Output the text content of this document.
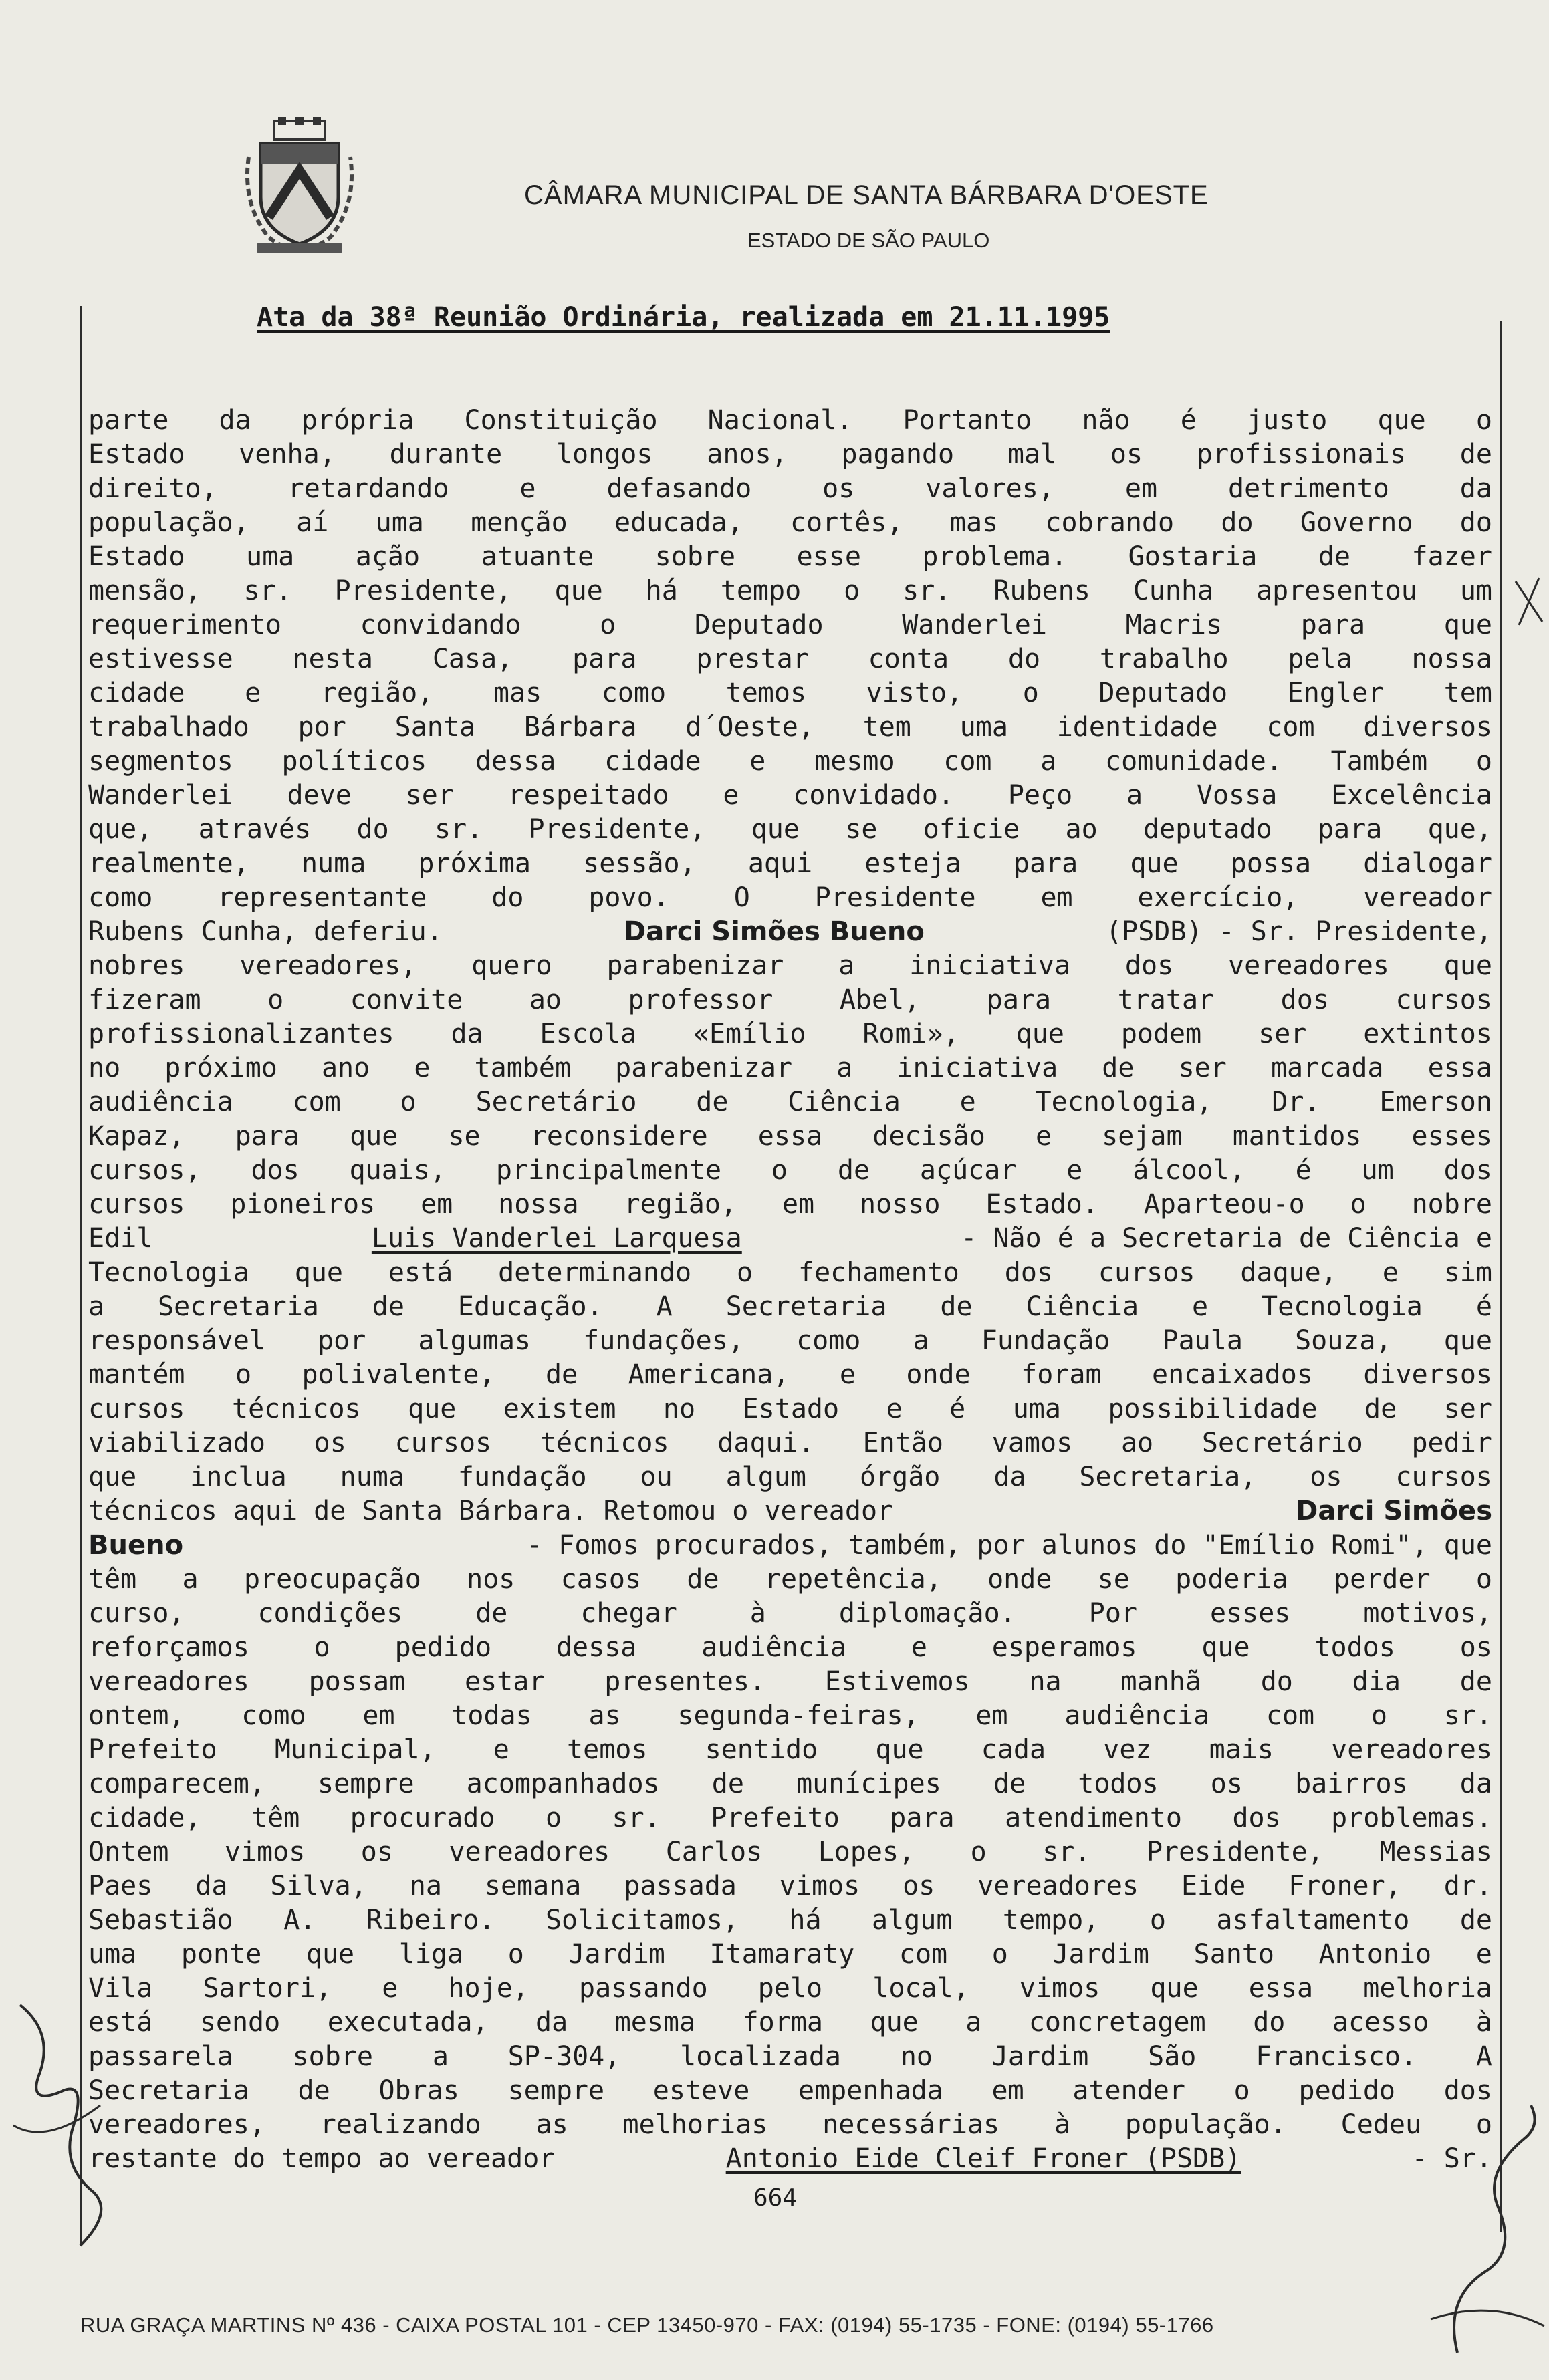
CÂMARA MUNICIPAL DE SANTA BÁRBARA D'OESTE
ESTADO DE SÃO PAULO
Ata da 38ª Reunião Ordinária, realizada em 21.11.1995
parte da própria Constituição Nacional. Portanto não é justo que o
Estado venha, durante longos anos, pagando mal os profissionais de
direito,	retardando	e	defasando	os	valores,	em	detrimento	da
população, aí uma menção educada, cortês, mas cobrando do Governo do
Estado uma ação atuante sobre esse problema. Gostaria de fazer
mensão, sr. Presidente, que há tempo o sr. Rubens Cunha apresentou um
requerimento	convidando	o	Deputado	Wanderlei	Macris	para	que
estivesse nesta Casa, para prestar conta do trabalho pela nossa
cidade e região, mas como temos visto, o Deputado Engler tem
trabalhado por Santa Bárbara d´Oeste, tem uma identidade com diversos
segmentos políticos dessa cidade e mesmo com a comunidade. Também o
Wanderlei deve ser respeitado e convidado. Peço a Vossa Excelência
que, através do sr. Presidente, que se oficie ao deputado para que,
realmente, numa próxima sessão, aqui esteja para que possa dialogar
como representante do povo. O Presidente em exercício, vereador
Rubens Cunha, deferiu.	Darci Simões Bueno	(PSDB) - Sr. Presidente,
nobres vereadores, quero parabenizar a iniciativa dos vereadores que
fizeram o convite ao professor Abel, para tratar dos cursos
profissionalizantes da Escola «Emílio Romi», que podem ser extintos
no próximo ano e também parabenizar a iniciativa de ser marcada essa
audiência com o Secretário de Ciência e Tecnologia, Dr. Emerson
Kapaz, para que se reconsidere essa decisão e sejam mantidos esses
cursos, dos quais, principalmente o de açúcar e álcool, é um dos
cursos pioneiros em nossa região, em nosso Estado. Aparteou-o o nobre
Edil	Luis Vanderlei Larquesa	- Não é a Secretaria de Ciência e
Tecnologia que está determinando o fechamento dos cursos daque, e sim
a Secretaria de Educação. A Secretaria de Ciência e Tecnologia é
responsável por algumas fundações, como a Fundação Paula Souza, que
mantém o polivalente, de Americana, e onde foram encaixados diversos
cursos técnicos que existem no Estado e é uma possibilidade de ser
viabilizado os cursos técnicos daqui. Então vamos ao Secretário pedir
que inclua numa fundação ou algum órgão da Secretaria, os cursos
técnicos aqui de Santa Bárbara. Retomou o vereador	Darci Simões
Bueno	- Fomos procurados, também, por alunos do "Emílio Romi", que
têm a preocupação nos casos de repetência, onde se poderia perder o
curso,	condições	de	chegar	à	diplomação.	Por	esses	motivos,
reforçamos o pedido dessa audiência e esperamos que todos os
vereadores possam estar presentes. Estivemos na manhã do dia de
ontem, como em todas as segunda-feiras, em audiência com o sr.
Prefeito Municipal, e temos sentido que cada vez mais vereadores
comparecem, sempre acompanhados de munícipes de todos os bairros da
cidade, têm procurado o sr. Prefeito para atendimento dos problemas.
Ontem vimos os vereadores Carlos Lopes, o sr. Presidente, Messias
Paes da Silva, na semana passada vimos os vereadores Eide Froner, dr.
Sebastião A. Ribeiro. Solicitamos, há algum tempo, o asfaltamento de
uma ponte que liga o Jardim Itamaraty com o Jardim Santo Antonio e
Vila Sartori, e hoje, passando pelo local, vimos que essa melhoria
está sendo executada, da mesma forma que a concretagem do acesso à
passarela sobre a SP-304, localizada no Jardim São Francisco. A
Secretaria de Obras sempre esteve empenhada em atender o pedido dos
vereadores, realizando as melhorias necessárias à população. Cedeu o
restante do tempo ao vereador	Antonio Eide Cleif Froner (PSDB)	- Sr.
664
RUA GRAÇA MARTINS Nº 436 - CAIXA POSTAL 101 - CEP 13450-970 - FAX: (0194) 55-1735 - FONE: (0194) 55-1766
